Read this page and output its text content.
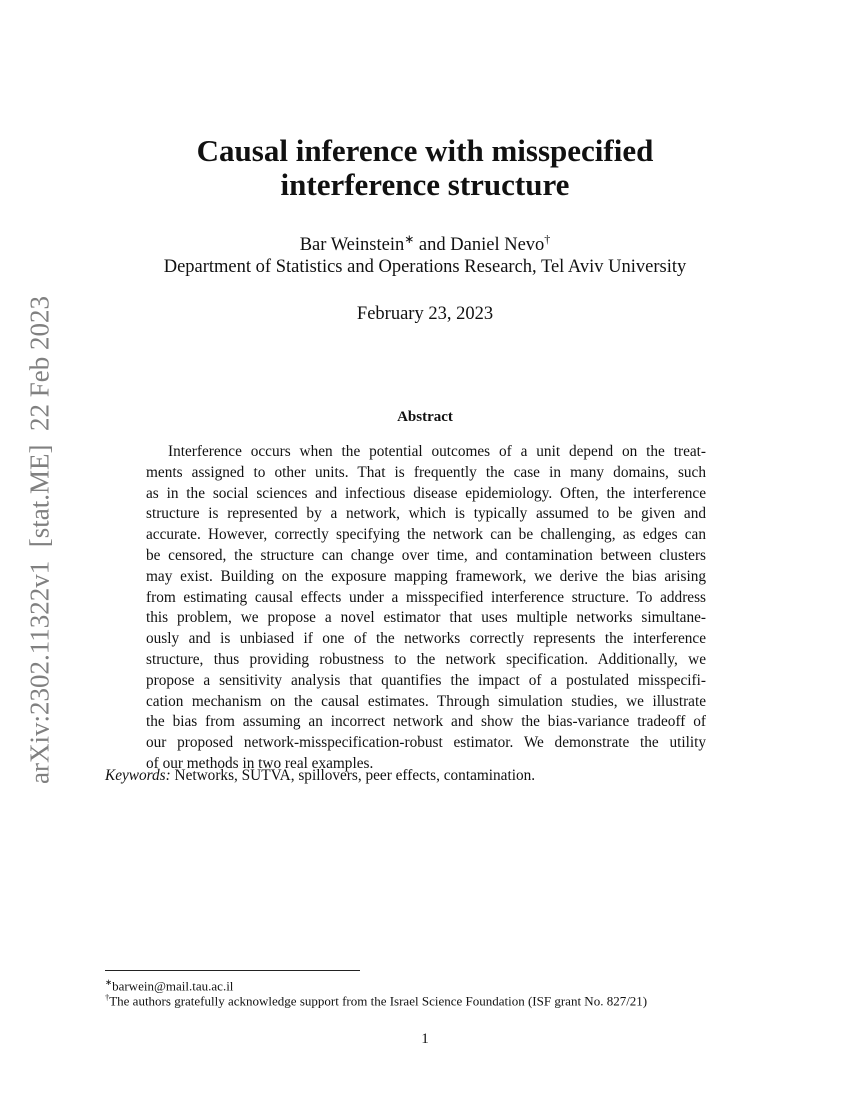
arXiv:2302.11322v1  [stat.ME]  22 Feb 2023
Causal inference with misspecified
interference structure
Bar Weinstein∗ and Daniel Nevo†
Department of Statistics and Operations Research, Tel Aviv University
February 23, 2023
Abstract
Interference occurs when the potential outcomes of a unit depend on the treat-
ments assigned to other units. That is frequently the case in many domains, such
as in the social sciences and infectious disease epidemiology. Often, the interference
structure is represented by a network, which is typically assumed to be given and
accurate. However, correctly specifying the network can be challenging, as edges can
be censored, the structure can change over time, and contamination between clusters
may exist. Building on the exposure mapping framework, we derive the bias arising
from estimating causal effects under a misspecified interference structure. To address
this problem, we propose a novel estimator that uses multiple networks simultane-
ously and is unbiased if one of the networks correctly represents the interference
structure, thus providing robustness to the network specification. Additionally, we
propose a sensitivity analysis that quantifies the impact of a postulated misspecifi-
cation mechanism on the causal estimates. Through simulation studies, we illustrate
the bias from assuming an incorrect network and show the bias-variance tradeoff of
our proposed network-misspecification-robust estimator. We demonstrate the utility
of our methods in two real examples.
Keywords: Networks, SUTVA, spillovers, peer effects, contamination.
∗barwein@mail.tau.ac.il
†The authors gratefully acknowledge support from the Israel Science Foundation (ISF grant No. 827/21)
1
